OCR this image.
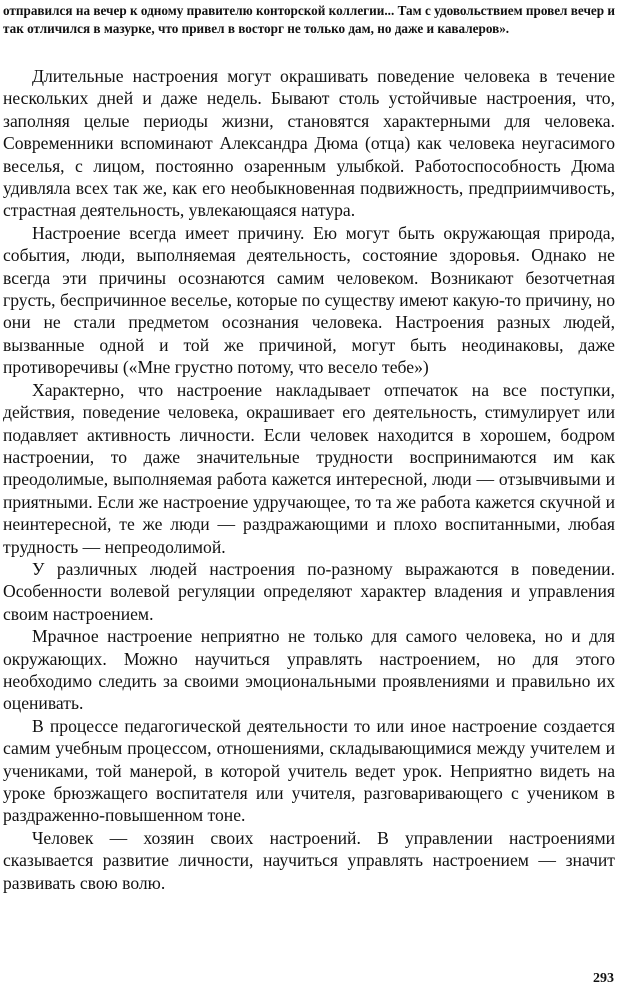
отправился на вечер к одному правителю конторской коллегии... Там с удовольствием провел вечер и так отличился в мазурке, что привел в восторг не только дам, но даже и кавалеров».

Длительные настроения могут окрашивать поведение человека в течение нескольких дней и даже недель. Бывают столь устойчивые настроения, что, заполняя целые периоды жизни, становятся характерными для человека. Современники вспоминают Александра Дюма (отца) как человека неугасимого веселья, с лицом, постоянно озаренным улыбкой. Работоспособность Дюма удивляла всех так же, как его необыкновенная подвижность, предприимчивость, страстная деятельность, увлекающаяся натура.

Настроение всегда имеет причину. Ею могут быть окружающая природа, события, люди, выполняемая деятельность, состояние здоровья. Однако не всегда эти причины осознаются самим человеком. Возникают безотчетная грусть, беспричинное веселье, которые по существу имеют какую-то причину, но они не стали предметом осознания человека. Настроения разных людей, вызванные одной и той же причиной, могут быть неодинаковы, даже противоречивы («Мне грустно потому, что весело тебе»)

Характерно, что настроение накладывает отпечаток на все поступки, действия, поведение человека, окрашивает его деятельность, стимулирует или подавляет активность личности. Если человек находится в хорошем, бодром настроении, то даже значительные трудности воспринимаются им как преодолимые, выполняемая работа кажется интересной, люди — отзывчивыми и приятными. Если же настроение удручающее, то та же работа кажется скучной и неинтересной, те же люди — раздражающими и плохо воспитанными, любая трудность — непреодолимой.

У различных людей настроения по-разному выражаются в поведении. Особенности волевой регуляции определяют характер владения и управления своим настроением.

Мрачное настроение неприятно не только для самого человека, но и для окружающих. Можно научиться управлять настроением, но для этого необходимо следить за своими эмоциональными проявлениями и правильно их оценивать.

В процессе педагогической деятельности то или иное настроение создается самим учебным процессом, отношениями, складывающимися между учителем и учениками, той манерой, в которой учитель ведет урок. Неприятно видеть на уроке брюзжащего воспитателя или учителя, разговаривающего с учеником в раздраженно-повышенном тоне.

Человек — хозяин своих настроений. В управлении настроениями сказывается развитие личности, научиться управлять настроением — значит развивать свою волю.

293
